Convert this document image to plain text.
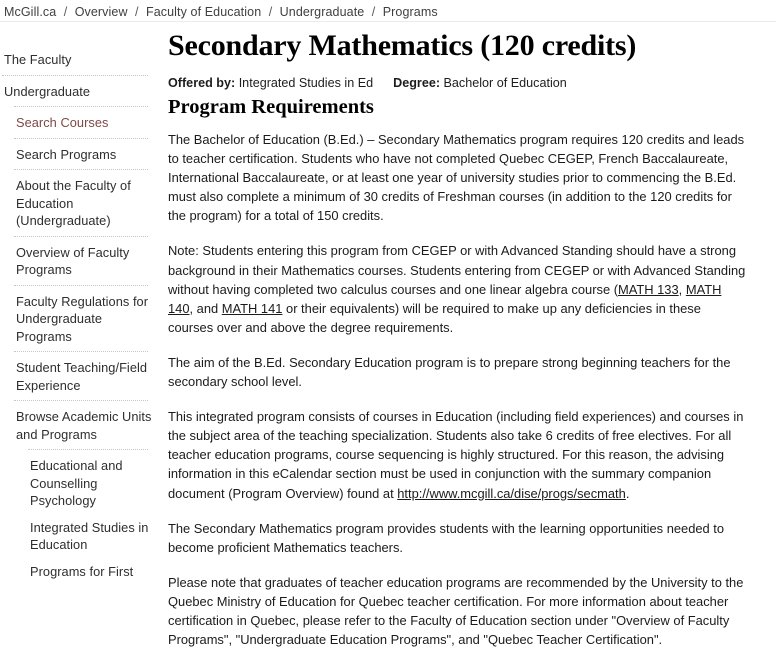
McGill.ca / Overview / Faculty of Education / Undergraduate / Programs
The Faculty
Undergraduate
Search Courses
Search Programs
About the Faculty of Education (Undergraduate)
Overview of Faculty Programs
Faculty Regulations for Undergraduate Programs
Student Teaching/Field Experience
Browse Academic Units and Programs
Educational and Counselling Psychology
Integrated Studies in Education
Programs for First
Secondary Mathematics (120 credits)

Offered by: Integrated Studies in Ed Degree: Bachelor of Education

Program Requirements

The Bachelor of Education (B.Ed.) – Secondary Mathematics program requires 120 credits and leads to teacher certification. Students who have not completed Quebec CEGEP, French Baccalaureate, International Baccalaureate, or at least one year of university studies prior to commencing the B.Ed. must also complete a minimum of 30 credits of Freshman courses (in addition to the 120 credits for the program) for a total of 150 credits.

Note: Students entering this program from CEGEP or with Advanced Standing should have a strong background in their Mathematics courses. Students entering from CEGEP or with Advanced Standing without having completed two calculus courses and one linear algebra course (MATH 133, MATH 140, and MATH 141 or their equivalents) will be required to make up any deficiencies in these courses over and above the degree requirements.

The aim of the B.Ed. Secondary Education program is to prepare strong beginning teachers for the secondary school level.

This integrated program consists of courses in Education (including field experiences) and courses in the subject area of the teaching specialization. Students also take 6 credits of free electives. For all teacher education programs, course sequencing is highly structured. For this reason, the advising information in this eCalendar section must be used in conjunction with the summary companion document (Program Overview) found at http://www.mcgill.ca/dise/progs/secmath.

The Secondary Mathematics program provides students with the learning opportunities needed to become proficient Mathematics teachers.

Please note that graduates of teacher education programs are recommended by the University to the Quebec Ministry of Education for Quebec teacher certification. For more information about teacher certification in Quebec, please refer to the Faculty of Education section under "Overview of Faculty Programs", "Undergraduate Education Programs", and "Quebec Teacher Certification".
